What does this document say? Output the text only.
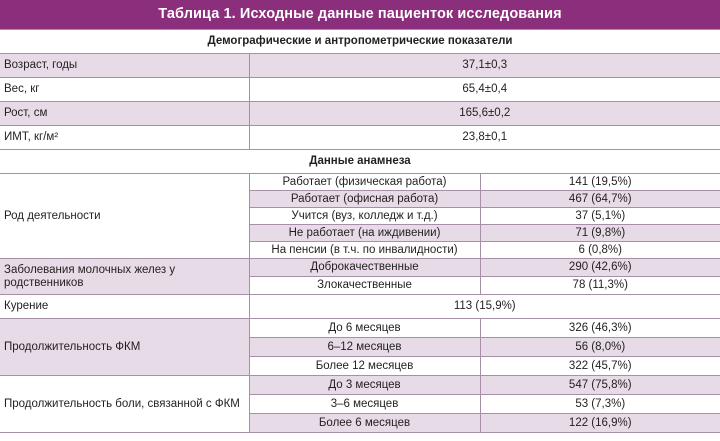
Таблица 1. Исходные данные пациенток исследования
Демографические и антропометрические показатели		
Возраст, годы	37,1±0,3	
Вес, кг	65,4±0,4	
Рост, см	165,6±0,2	
ИМТ, кг/м²	23,8±0,1	
Данные анамнеза		
Род деятельности	Работает (физическая работа)	141 (19,5%)
	Работает (офисная работа)	467 (64,7%)
	Учится (вуз, колледж и т.д.)	37 (5,1%)
	Не работает (на иждивении)	71 (9,8%)
	На пенсии (в т.ч. по инвалидности)	6 (0,8%)
Заболевания молочных желез у родственников	Доброкачественные	290 (42,6%)
	Злокачественные	78 (11,3%)
Курение	113 (15,9%)	
Продолжительность ФКМ	До 6 месяцев	326 (46,3%)
	6–12 месяцев	56 (8,0%)
	Более 12 месяцев	322 (45,7%)
Продолжительность боли, связанной с ФКМ	До 3 месяцев	547 (75,8%)
	3–6 месяцев	53 (7,3%)
	Более 6 месяцев	122 (16,9%)
